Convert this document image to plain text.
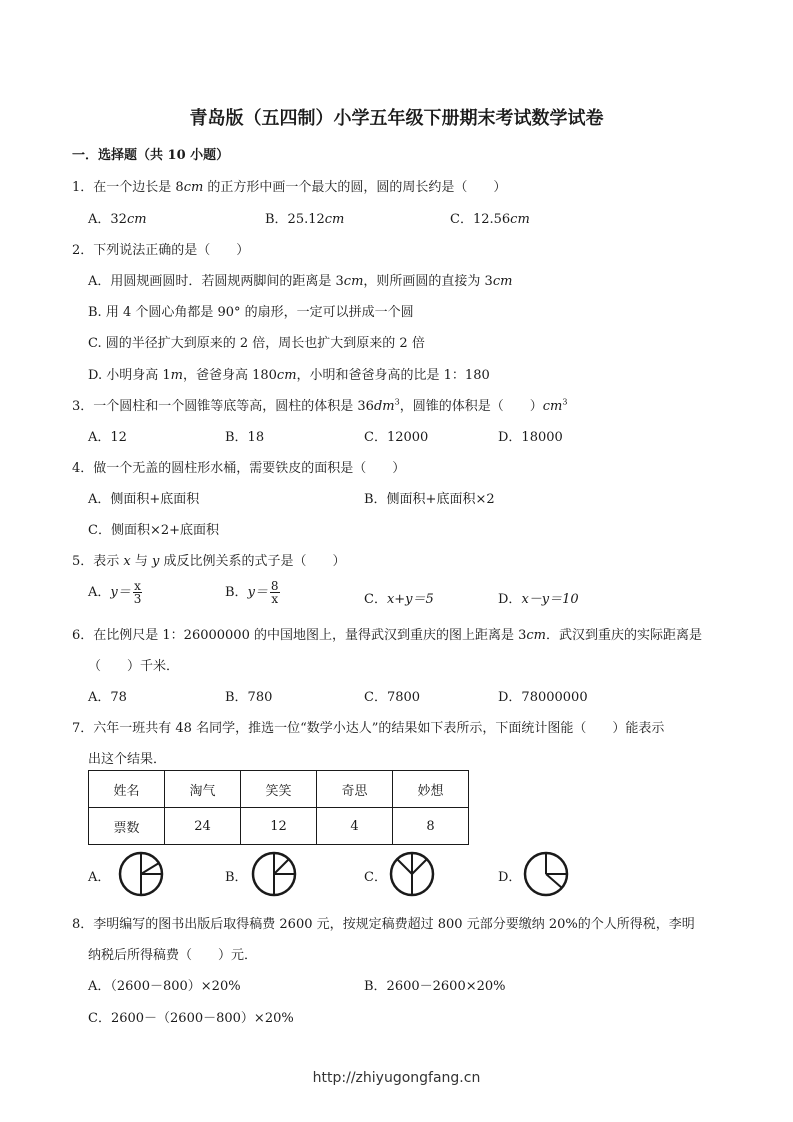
青岛版（五四制）小学五年级下册期末考试数学试卷
一．选择题（共 10 小题）
1．在一个边长是 8cm 的正方形中画一个最大的圆，圆的周长约是（　　）
A．32cm	B．25.12cm	C．12.56cm
2．下列说法正确的是（　　）
A．用圆规画圆时．若圆规两脚间的距离是 3cm，则所画圆的直接为 3cm
B. 用 4 个圆心角都是 90° 的扇形，一定可以拼成一个圆
C. 圆的半径扩大到原来的 2 倍，周长也扩大到原来的 2 倍
D. 小明身高 1m，爸爸身高 180cm，小明和爸爸身高的比是 1：180
3．一个圆柱和一个圆锥等底等高，圆柱的体积是 $36dm^3$，圆锥的体积是（　　）$cm^3$
A．12	B．18	C．12000	D．18000
4．做一个无盖的圆柱形水桶，需要铁皮的面积是（　　）
A．侧面积+底面积	B．侧面积+底面积×2
C．侧面积×2+底面积
5．表示 x 与 y 成反比例关系的式子是（　　）
A．$y= \frac{x}{3}$	B．$y= \frac{8}{x}$	C．x+y＝5	D．x－y＝10
6．在比例尺是 1：26000000 的中国地图上，量得武汉到重庆的图上距离是 3cm．武汉到重庆的实际距离是
（　　）千米．
A．78	B．780	C．7800	D．78000000
7．六年一班共有 48 名同学，推选一位“数学小达人”的结果如下表所示，下面统计图能（　　）能表示
出这个结果．
姓名	淘气	笑笑	奇思	妙想
票数	24	12	4	8
A．	B．	C．	D．
8．李明编写的图书出版后取得稿费 2600 元，按规定稿费超过 800 元部分要缴纳 20%的个人所得税，李明
纳税后所得稿费（　　）元．
A．（2600－800）×20%	B．2600－2600×20%
C．2600－（2600－800）×20%
http://zhiyugongfang.cn
